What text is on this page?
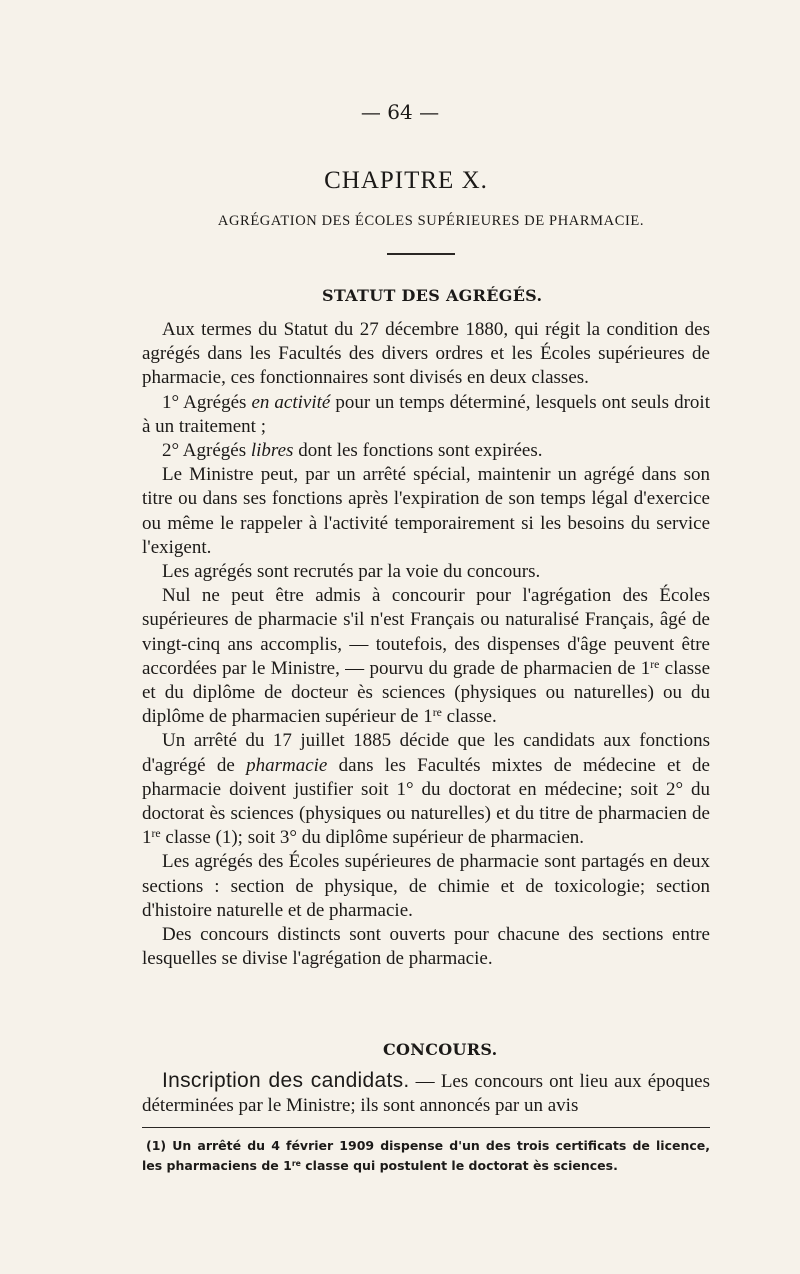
— 64 —
CHAPITRE X.
AGRÉGATION DES ÉCOLES SUPÉRIEURES DE PHARMACIE.
STATUT DES AGRÉGÉS.

Aux termes du Statut du 27 décembre 1880, qui régit la condition des agrégés dans les Facultés des divers ordres et les Écoles supérieures de pharmacie, ces fonctionnaires sont divisés en deux classes.

1° Agrégés en activité pour un temps déterminé, lesquels ont seuls droit à un traitement ;

2° Agrégés libres dont les fonctions sont expirées.

Le Ministre peut, par un arrêté spécial, maintenir un agrégé dans son titre ou dans ses fonctions après l'expiration de son temps légal d'exercice ou même le rappeler à l'activité temporairement si les besoins du service l'exigent.

Les agrégés sont recrutés par la voie du concours.

Nul ne peut être admis à concourir pour l'agrégation des Écoles supérieures de pharmacie s'il n'est Français ou naturalisé Français, âgé de vingt-cinq ans accomplis, — toutefois, des dispenses d'âge peuvent être accordées par le Ministre, — pourvu du grade de pharmacien de 1re classe et du diplôme de docteur ès sciences (physiques ou naturelles) ou du diplôme de pharmacien supérieur de 1re classe.

Un arrêté du 17 juillet 1885 décide que les candidats aux fonctions d'agrégé de pharmacie dans les Facultés mixtes de médecine et de pharmacie doivent justifier soit 1° du doctorat en médecine; soit 2° du doctorat ès sciences (physiques ou naturelles) et du titre de pharmacien de 1re classe (1); soit 3° du diplôme supérieur de pharmacien.

Les agrégés des Écoles supérieures de pharmacie sont partagés en deux sections : section de physique, de chimie et de toxicologie; section d'histoire naturelle et de pharmacie.

Des concours distincts sont ouverts pour chacune des sections entre lesquelles se divise l'agrégation de pharmacie.

CONCOURS.

Inscription des candidats. — Les concours ont lieu aux époques déterminées par le Ministre; ils sont annoncés par un avis

(1) Un arrêté du 4 février 1909 dispense d'un des trois certificats de licence, les pharmaciens de 1re classe qui postulent le doctorat ès sciences.
